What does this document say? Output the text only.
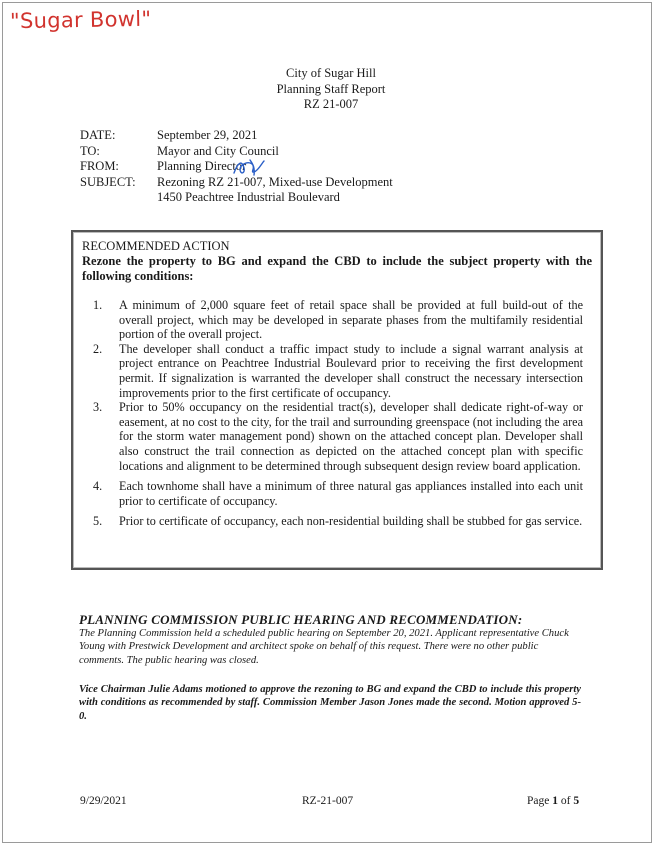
"Sugar Bowl"
City of Sugar Hill
Planning Staff Report
RZ 21-007
DATE:	September 29, 2021
TO:	Mayor and City Council
FROM:	Planning Director
SUBJECT:	Rezoning RZ 21-007, Mixed-use Development
1450 Peachtree Industrial Boulevard
RECOMMENDED ACTION
Rezone the property to BG and expand the CBD to include the subject property with the following conditions:
1.	A minimum of 2,000 square feet of retail space shall be provided at full build-out of the overall project, which may be developed in separate phases from the multifamily residential portion of the overall project.
2.	The developer shall conduct a traffic impact study to include a signal warrant analysis at project entrance on Peachtree Industrial Boulevard prior to receiving the first development permit. If signalization is warranted the developer shall construct the necessary intersection improvements prior to the first certificate of occupancy.
3.	Prior to 50% occupancy on the residential tract(s), developer shall dedicate right-of-way or easement, at no cost to the city, for the trail and surrounding greenspace (not including the area for the storm water management pond) shown on the attached concept plan. Developer shall also construct the trail connection as depicted on the attached concept plan with specific locations and alignment to be determined through subsequent design review board application.
4.	Each townhome shall have a minimum of three natural gas appliances installed into each unit prior to certificate of occupancy.
5.	Prior to certificate of occupancy, each non-residential building shall be stubbed for gas service.
PLANNING COMMISSION PUBLIC HEARING AND RECOMMENDATION:
The Planning Commission held a scheduled public hearing on September 20, 2021. Applicant representative Chuck Young with Prestwick Development and architect spoke on behalf of this request. There were no other public comments. The public hearing was closed.
Vice Chairman Julie Adams motioned to approve the rezoning to BG and expand the CBD to include this property with conditions as recommended by staff. Commission Member Jason Jones made the second. Motion approved 5-0.
9/29/2021	RZ-21-007	Page 1 of 5
